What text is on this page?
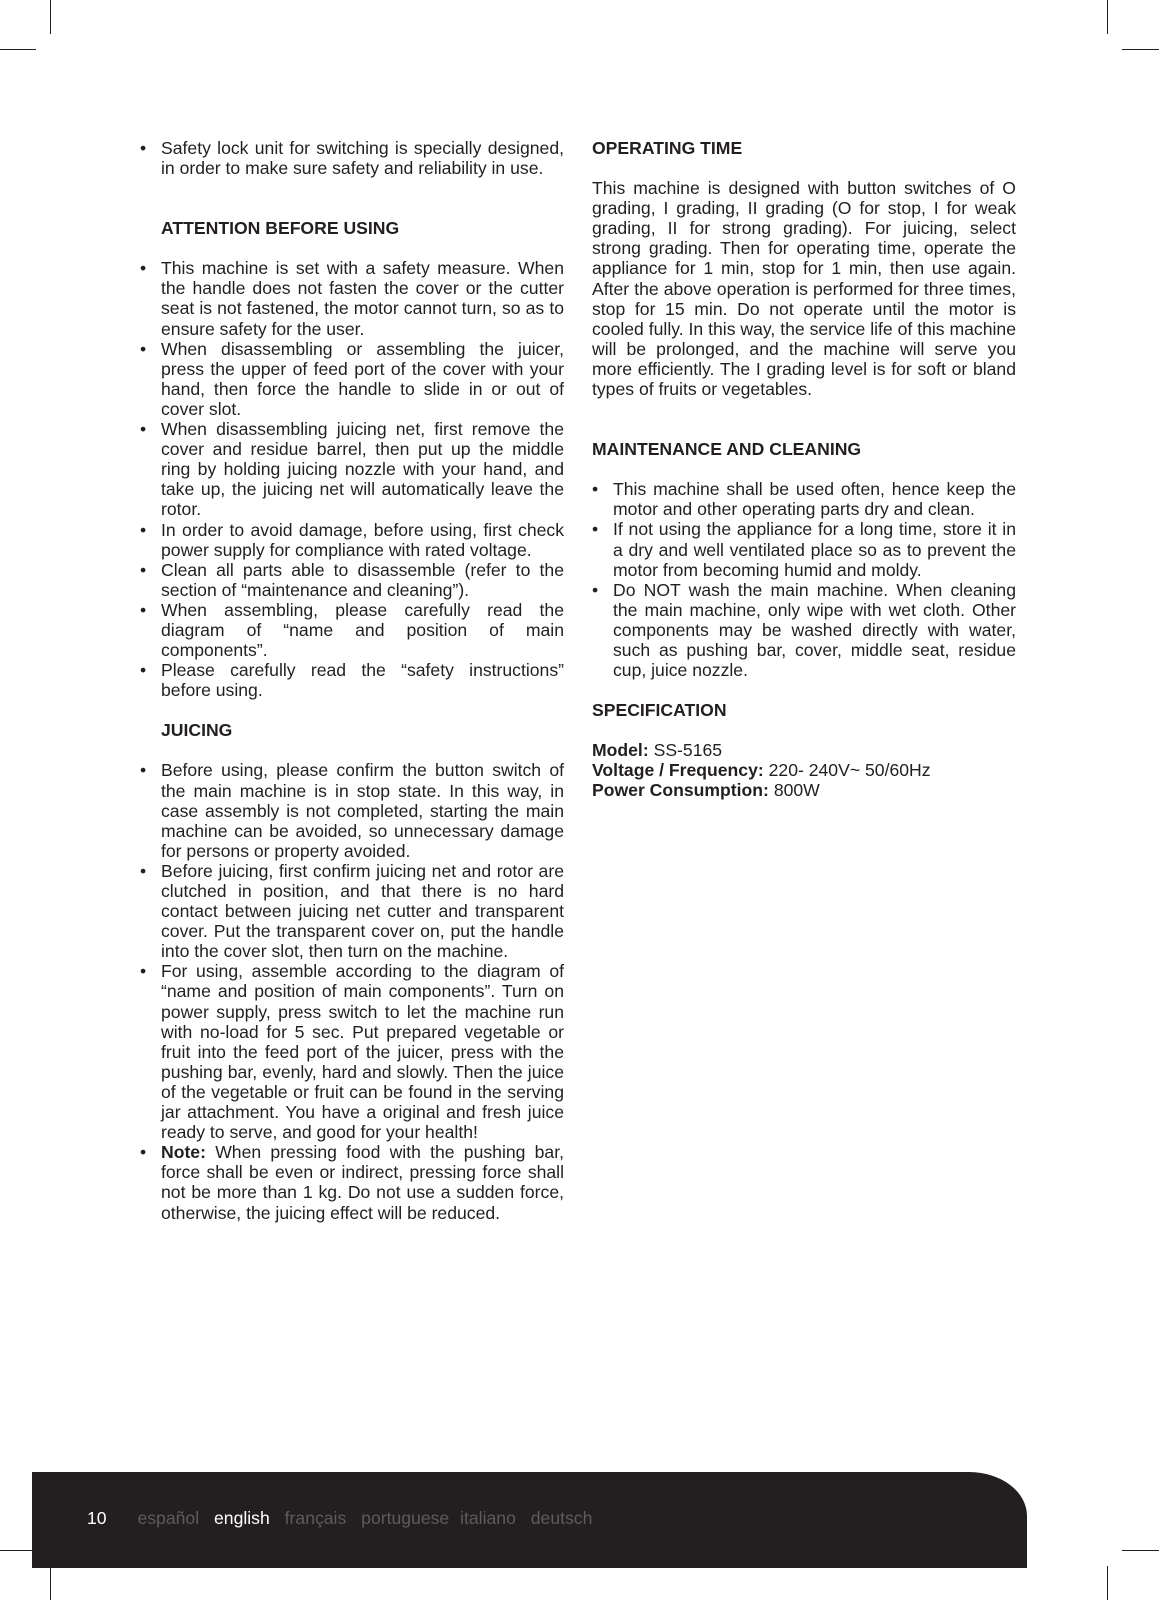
• Safety lock unit for switching is specially designed, in order to make sure safety and reliability in use.
ATTENTION BEFORE USING
• This machine is set with a safety measure. When the handle does not fasten the cover or the cutter seat is not fastened, the motor cannot turn, so as to ensure safety for the user.
• When disassembling or assembling the juicer, press the upper of feed port of the cover with your hand, then force the handle to slide in or out of cover slot.
• When disassembling juicing net, first remove the cover and residue barrel, then put up the middle ring by holding juicing nozzle with your hand, and take up, the juicing net will automatically leave the rotor.
• In order to avoid damage, before using, first check power supply for compliance with rated voltage.
• Clean all parts able to disassemble (refer to the section of “maintenance and cleaning”).
• When assembling, please carefully read the diagram of “name and position of main components”.
• Please carefully read the “safety instructions” before using.
JUICING
• Before using, please confirm the button switch of the main machine is in stop state. In this way, in case assembly is not completed, starting the main machine can be avoided, so unnecessary damage for persons or property avoided.
• Before juicing, first confirm juicing net and rotor are clutched in position, and that there is no hard contact between juicing net cutter and transparent cover. Put the transparent cover on, put the handle into the cover slot, then turn on the machine.
• For using, assemble according to the diagram of “name and position of main components”. Turn on power supply, press switch to let the machine run with no-load for 5 sec. Put prepared vegetable or fruit into the feed port of the juicer, press with the pushing bar, evenly, hard and slowly. Then the juice of the vegetable or fruit can be found in the serving jar attachment. You have a original and fresh juice ready to serve, and good for your health!
• Note: When pressing food with the pushing bar, force shall be even or indirect, pressing force shall not be more than 1 kg. Do not use a sudden force, otherwise, the juicing effect will be reduced.
OPERATING TIME

This machine is designed with button switches of O grading, I grading, II grading (O for stop, I for weak grading, II for strong grading). For juicing, select strong grading. Then for operating time, operate the appliance for 1 min, stop for 1 min, then use again. After the above operation is performed for three times, stop for 15 min. Do not operate until the motor is cooled fully. In this way, the service life of this machine will be prolonged, and the machine will serve you more efficiently. The I grading level is for soft or bland types of fruits or vegetables.

MAINTENANCE AND CLEANING
• This machine shall be used often, hence keep the motor and other operating parts dry and clean.
• If not using the appliance for a long time, store it in a dry and well ventilated place so as to prevent the motor from becoming humid and moldy.
• Do NOT wash the main machine. When cleaning the main machine, only wipe with wet cloth. Other components may be washed directly with water, such as pushing bar, cover, middle seat, residue cup, juice nozzle.
SPECIFICATION

Model: SS-5165

Voltage / Frequency: 220- 240V~ 50/60Hz

Power Consumption: 800W

10 español english français portuguese italiano deutsch
